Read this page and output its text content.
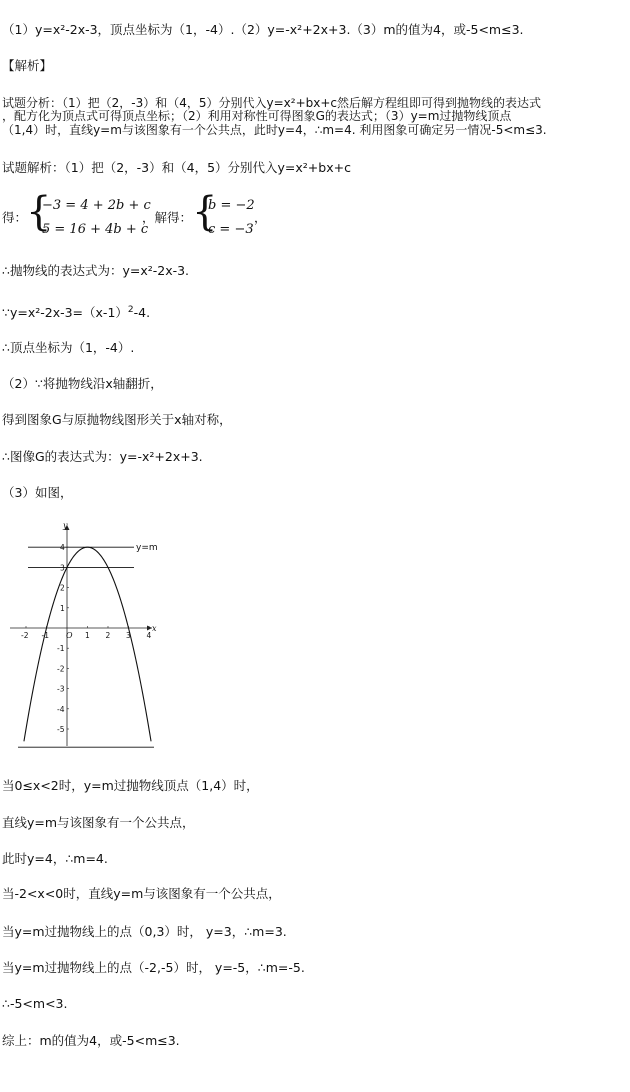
（1）y=x²-2x-3，顶点坐标为（1，-4）.（2）y=-x²+2x+3.（3）m的值为4，或-5<m≤3.
【解析】
试题分析：（1）把（2，-3）和（4，5）分别代入y=x²+bx+c然后解方程组即可得到抛物线的表达式
，配方化为顶点式可得顶点坐标；（2）利用对称性可得图象G的表达式；（3）y=m过抛物线顶点
（1,4）时，直线y=m与该图象有一个公共点，此时y=4，∴m=4. 利用图象可确定另一情况-5<m≤3.
试题解析：（1）把（2，-3）和（4，5）分别代入y=x²+bx+c
得：
{
−3 = 4 + 2b + c
5 = 16 + 4b + c
，解得： {
b = −2
c = −3
，
∴抛物线的表达式为：y=x²-2x-3.
$\because y=x^2-2x-3=(x-1)^2-4$.
∴顶点坐标为（1，-4）.
（2）∵将抛物线沿x轴翻折，
得到图象G与原抛物线图形关于x轴对称，
∴图像G的表达式为：y=-x²+2x+3.
（3）如图，
-2 -1	1 2 3 4
4
3
2
1
-1
-2
-3
-4
-5
y=m
x
y
O
当0≤x<2时，y=m过抛物线顶点（1,4）时，
直线y=m与该图象有一个公共点，
此时y=4，∴m=4.
当-2<x<0时，直线y=m与该图象有一个公共点，
当y=m过抛物线上的点（0,3）时， y=3，∴m=3.
当y=m过抛物线上的点（-2,-5）时， y=-5，∴m=-5.
∴-5<m<3.
综上：m的值为4，或-5<m≤3.
